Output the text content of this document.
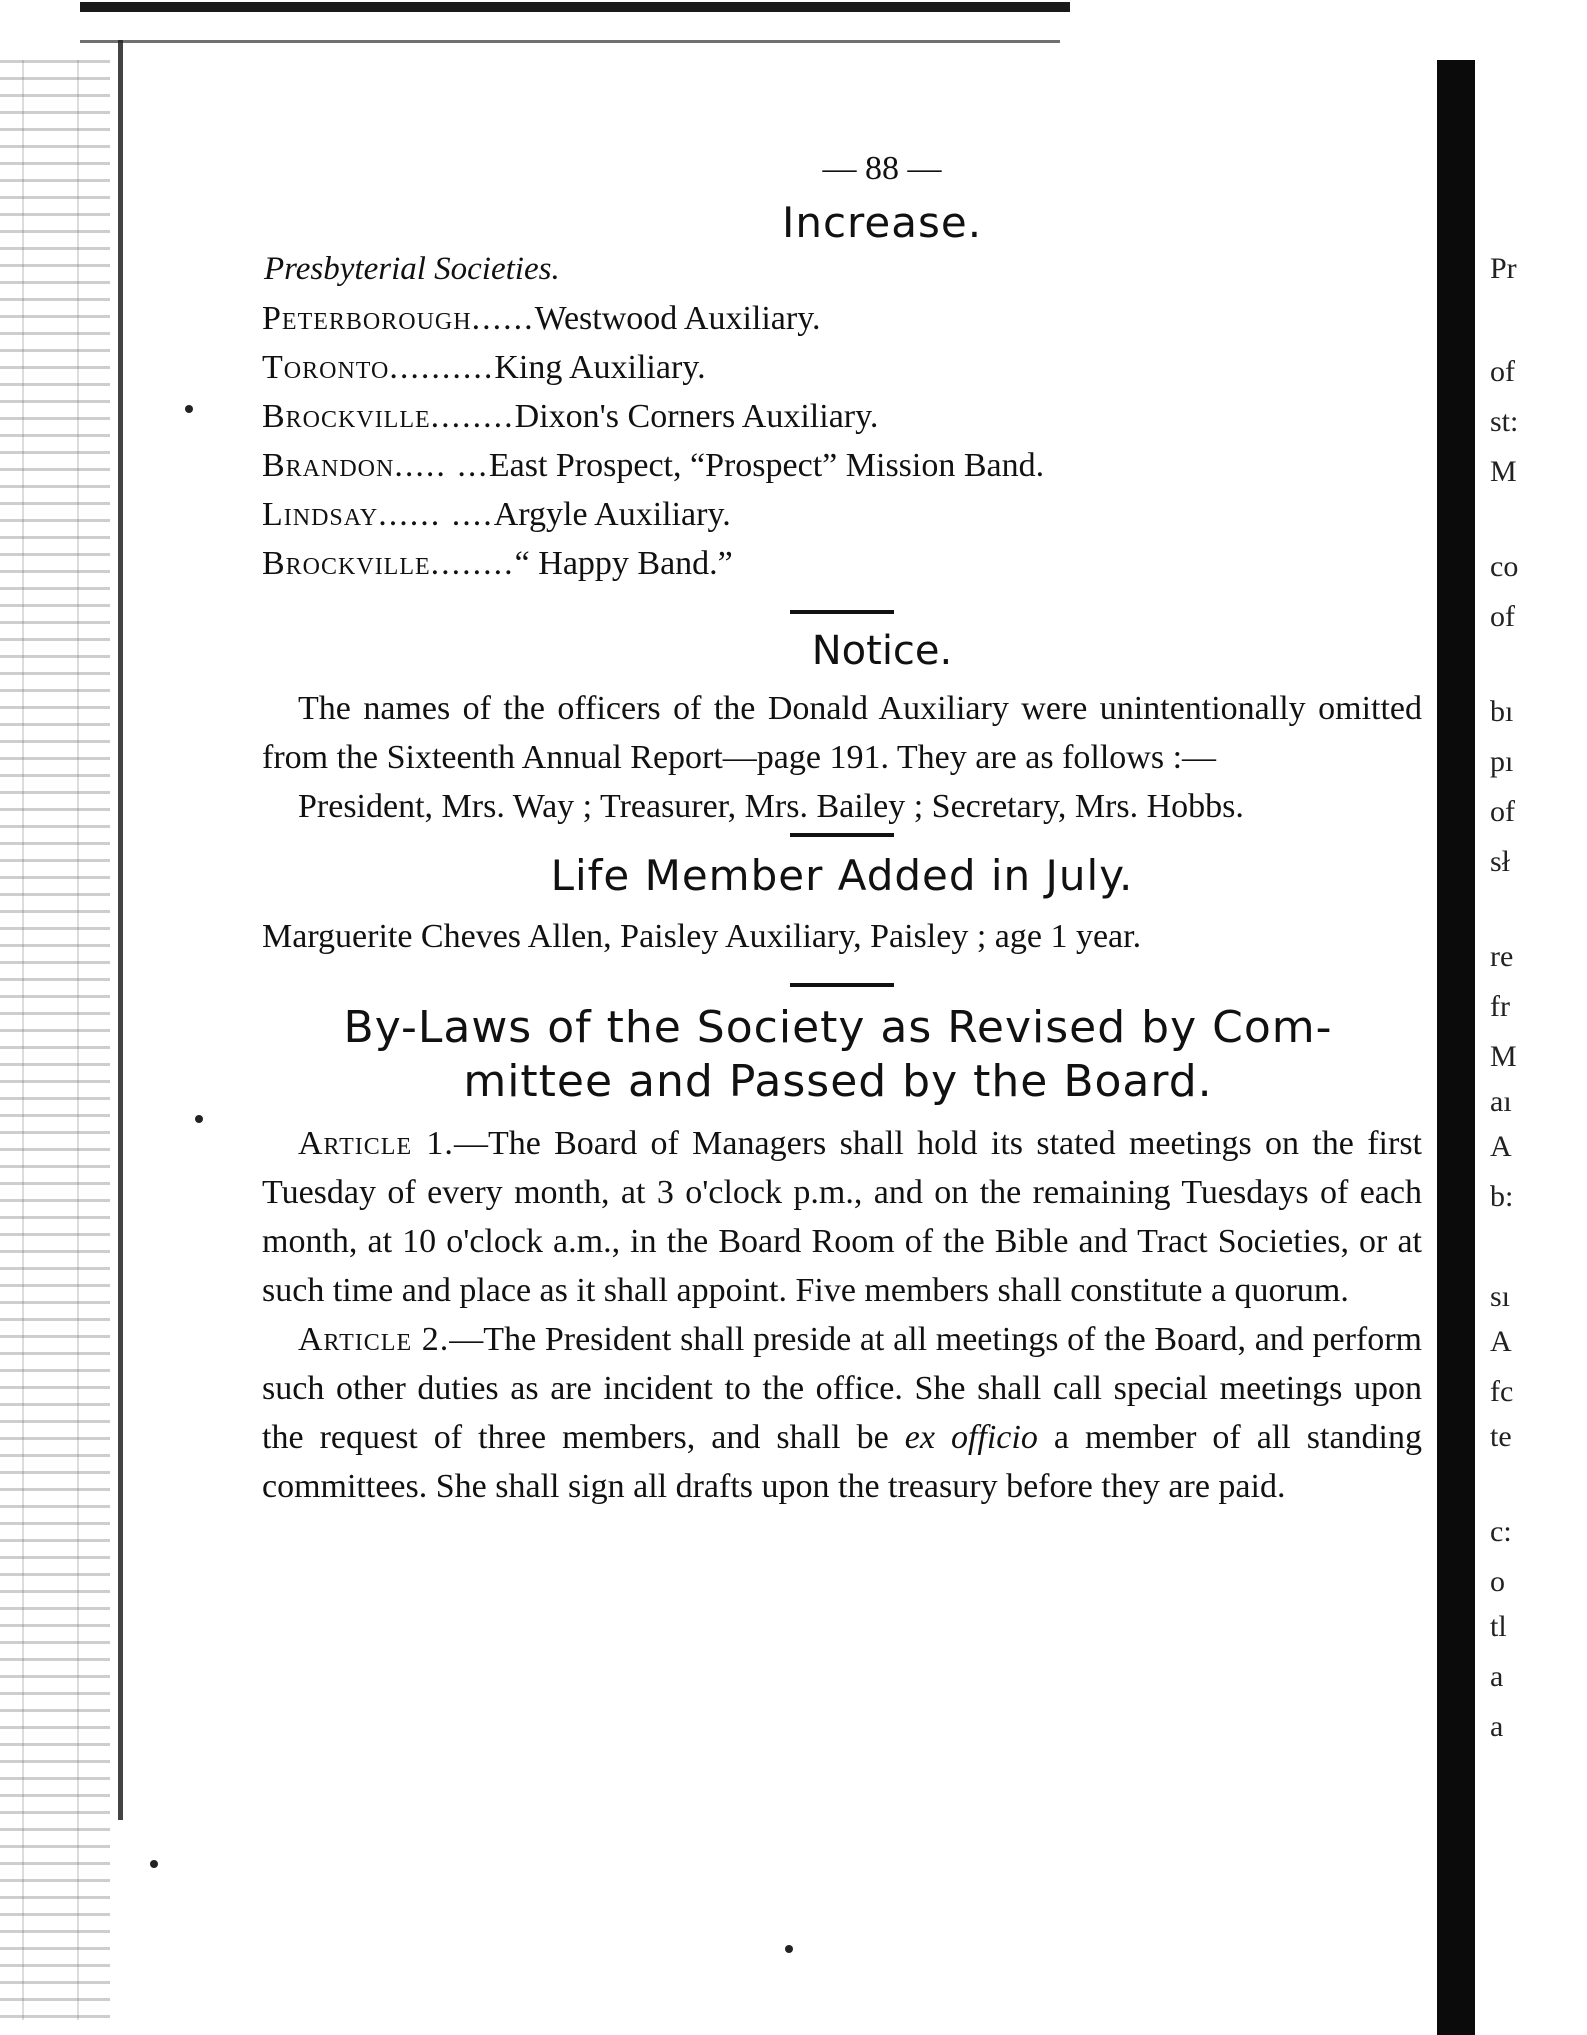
Pr
of
st:
M
co
of
bı
pı
of
sł
re
fr
M
aı
A
b:
sı
A
fc
te
c:
o
tl
a
a
— 88 —
Increase.
Presbyterial Societies.
Peterborough ...... Westwood Auxiliary.
Toronto .......... King Auxiliary.
Brockville ........ Dixon's Corners Auxiliary.
Brandon ..... ... East Prospect, “Prospect” Mission Band.
Lindsay ...... .... Argyle Auxiliary.
Brockville ........ “ Happy Band.”
Notice.

The names of the officers of the Donald Auxiliary were unintentionally omitted from the Sixteenth Annual Report—page 191. They are as follows :—

President, Mrs. Way ; Treasurer, Mrs. Bailey ; Secretary, Mrs. Hobbs.

Life Member Added in July.

Marguerite Cheves Allen, Paisley Auxiliary, Paisley ; age 1 year.

By-Laws of the Society as Revised by Com-
mittee and Passed by the Board.

Article 1.—The Board of Managers shall hold its stated meetings on the first Tuesday of every month, at 3 o'clock p.m., and on the remaining Tuesdays of each month, at 10 o'clock a.m., in the Board Room of the Bible and Tract Societies, or at such time and place as it shall appoint. Five members shall constitute a quorum.

Article 2.—The President shall preside at all meetings of the Board, and perform such other duties as are incident to the office. She shall call special meetings upon the request of three members, and shall be ex officio a member of all standing committees. She shall sign all drafts upon the treasury before they are paid.
